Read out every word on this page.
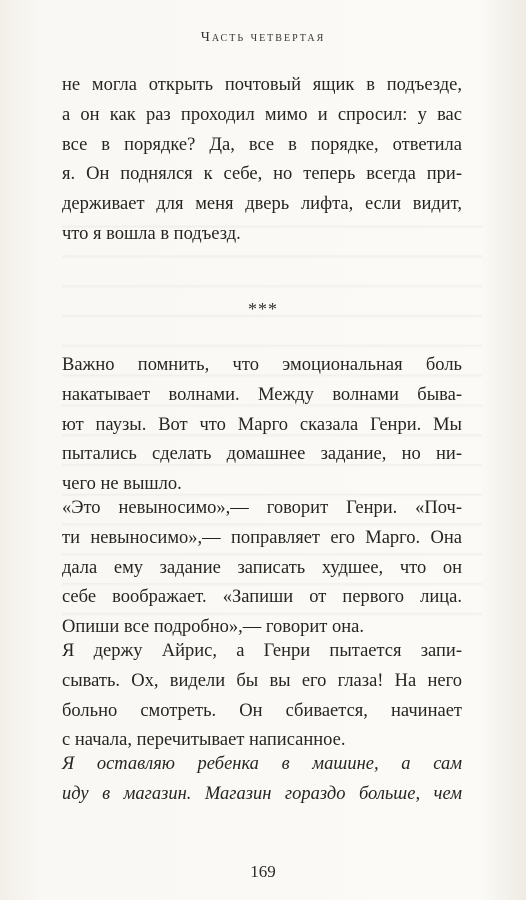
Часть четвертая
не могла открыть почтовый ящик в подъезде,
а он как раз проходил мимо и спросил: у вас
все в порядке? Да, все в порядке, ответила
я. Он поднялся к себе, но теперь всегда при-
держивает для меня дверь лифта, если видит,
что я вошла в подъезд.
***
Важно помнить, что эмоциональная боль
накатывает волнами. Между волнами быва-
ют паузы. Вот что Марго сказала Генри. Мы
пытались сделать домашнее задание, но ни-
чего не вышло.
«Это невыносимо»,— говорит Генри. «Поч-
ти невыносимо»,— поправляет его Марго. Она
дала ему задание записать худшее, что он
себе воображает. «Запиши от первого лица.
Опиши все подробно»,— говорит она.
Я держу Айрис, а Генри пытается запи-
сывать. Ох, видели бы вы его глаза! На него
больно смотреть. Он сбивается, начинает
с начала, перечитывает написанное.
Я оставляю ребенка в машине, а сам
иду в магазин. Магазин гораздо больше, чем
169
